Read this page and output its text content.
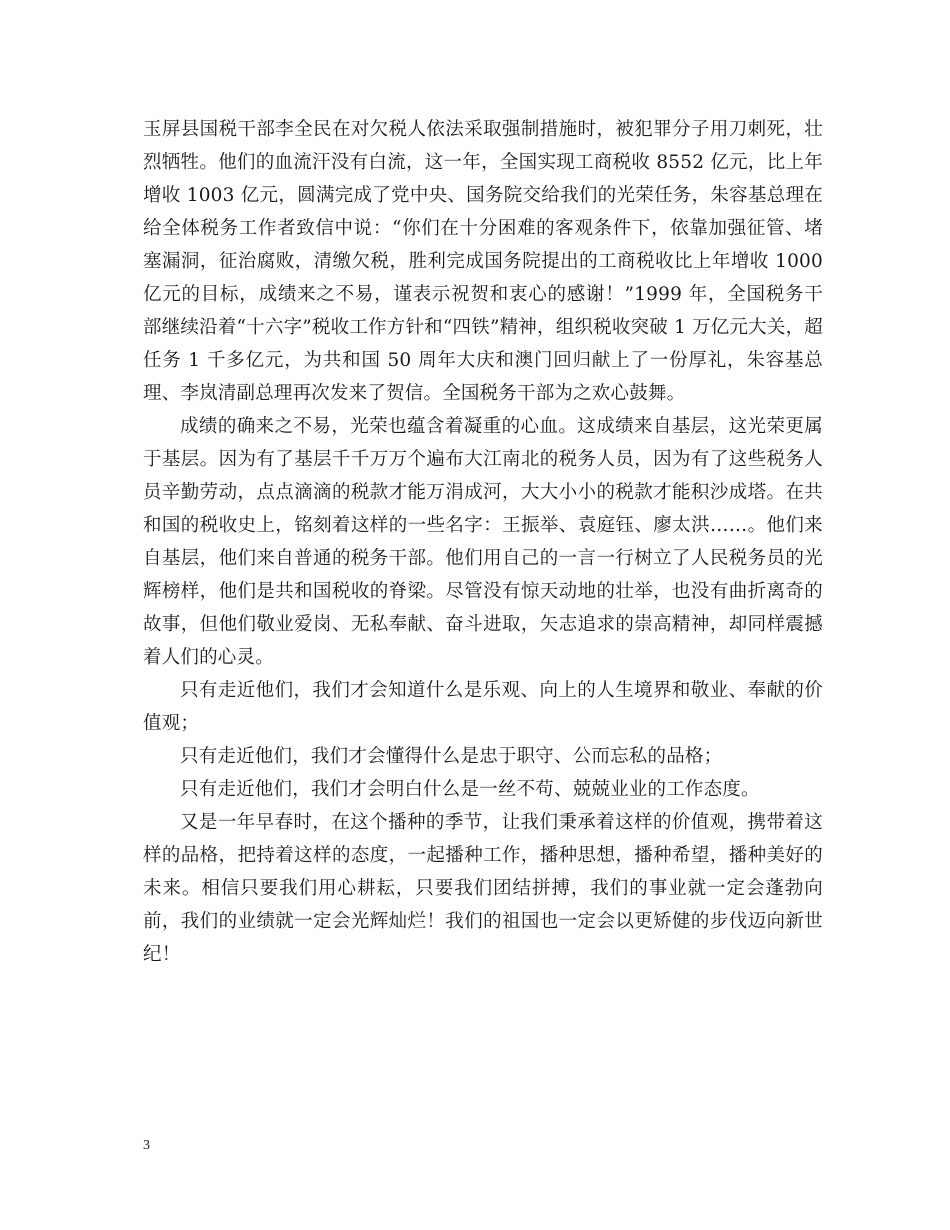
玉屏县国税干部李全民在对欠税人依法采取强制措施时，被犯罪分子用刀刺死，壮烈牺牲。他们的血流汗没有白流，这一年，全国实现工商税收 8552 亿元，比上年增收 1003 亿元，圆满完成了党中央、国务院交给我们的光荣任务，朱容基总理在给全体税务工作者致信中说：“你们在十分困难的客观条件下，依靠加强征管、堵塞漏洞，征治腐败，清缴欠税，胜利完成国务院提出的工商税收比上年增收 1000 亿元的目标，成绩来之不易，谨表示祝贺和衷心的感谢！”1999 年，全国税务干部继续沿着“十六字”税收工作方针和“四铁”精神，组织税收突破 1 万亿元大关，超任务 1 千多亿元，为共和国 50 周年大庆和澳门回归献上了一份厚礼，朱容基总理、李岚清副总理再次发来了贺信。全国税务干部为之欢心鼓舞。

成绩的确来之不易，光荣也蕴含着凝重的心血。这成绩来自基层，这光荣更属于基层。因为有了基层千千万万个遍布大江南北的税务人员，因为有了这些税务人员辛勤劳动，点点滴滴的税款才能万涓成河，大大小小的税款才能积沙成塔。在共和国的税收史上，铭刻着这样的一些名字：王振举、袁庭钰、廖太洪……。他们来自基层，他们来自普通的税务干部。他们用自己的一言一行树立了人民税务员的光辉榜样，他们是共和国税收的脊梁。尽管没有惊天动地的壮举，也没有曲折离奇的故事，但他们敬业爱岗、无私奉献、奋斗进取，矢志追求的崇高精神，却同样震撼着人们的心灵。

只有走近他们，我们才会知道什么是乐观、向上的人生境界和敬业、奉献的价值观；

只有走近他们，我们才会懂得什么是忠于职守、公而忘私的品格；

只有走近他们，我们才会明白什么是一丝不苟、兢兢业业的工作态度。

又是一年早春时，在这个播种的季节，让我们秉承着这样的价值观，携带着这样的品格，把持着这样的态度，一起播种工作，播种思想，播种希望，播种美好的未来。相信只要我们用心耕耘，只要我们团结拼搏，我们的事业就一定会蓬勃向前，我们的业绩就一定会光辉灿烂！我们的祖国也一定会以更矫健的步伐迈向新世纪！

3
